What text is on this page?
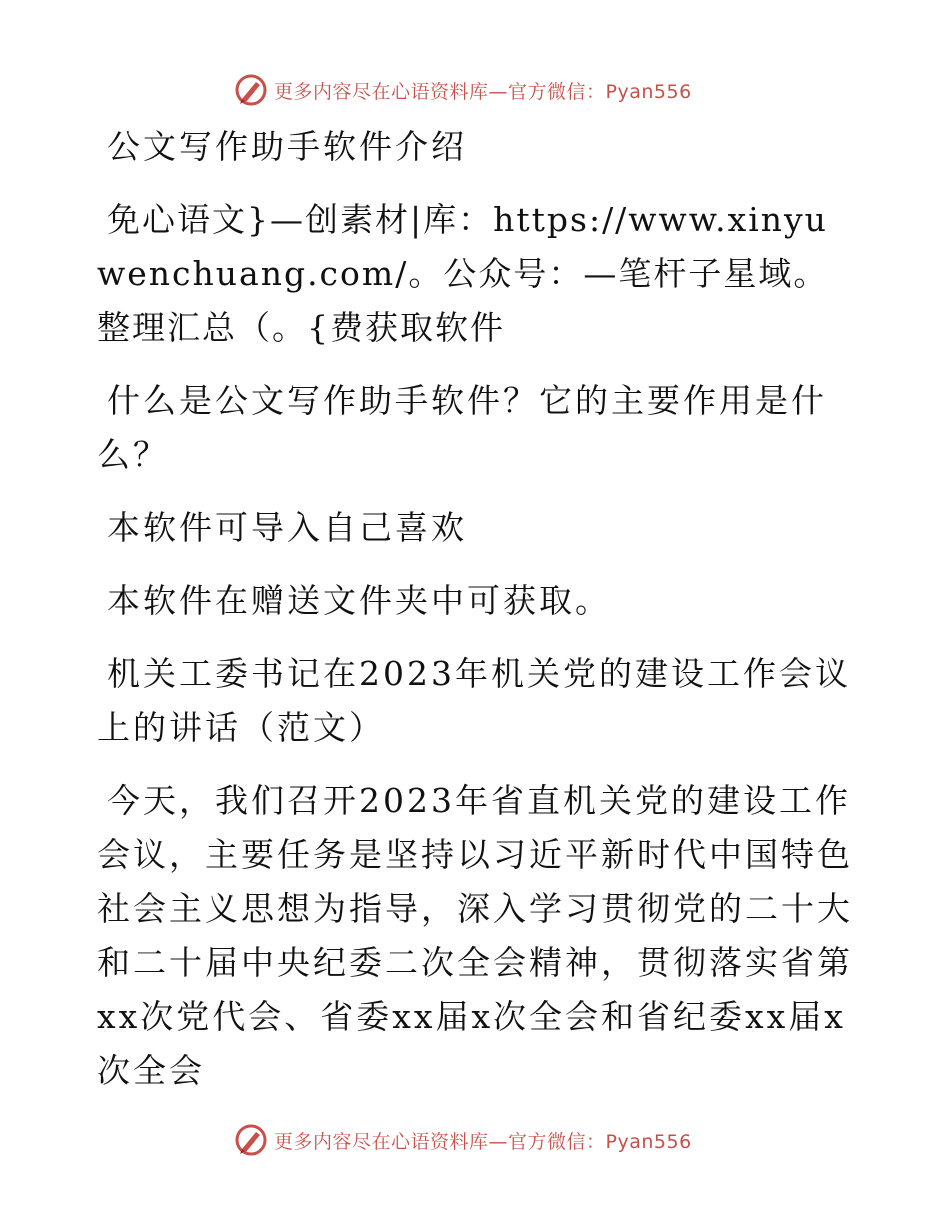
更多内容尽在心语资料库—官方微信：Pyan556

公文写作助手软件介绍

免心语文}—创素材|库：https://www.xinyuwenchuang.com/。公众号：—笔杆子星域。整理汇总（。{费获取软件

什么是公文写作助手软件？它的主要作用是什么？

本软件可导入自己喜欢

本软件在赠送文件夹中可获取。

机关工委书记在2023年机关党的建设工作会议上的讲话（范文）

今天，我们召开2023年省直机关党的建设工作会议，主要任务是坚持以习近平新时代中国特色社会主义思想为指导，深入学习贯彻党的二十大和二十届中央纪委二次全会精神，贯彻落实省第xx次党代会、省委xx届x次全会和省纪委xx届x次全会

更多内容尽在心语资料库—官方微信：Pyan556
